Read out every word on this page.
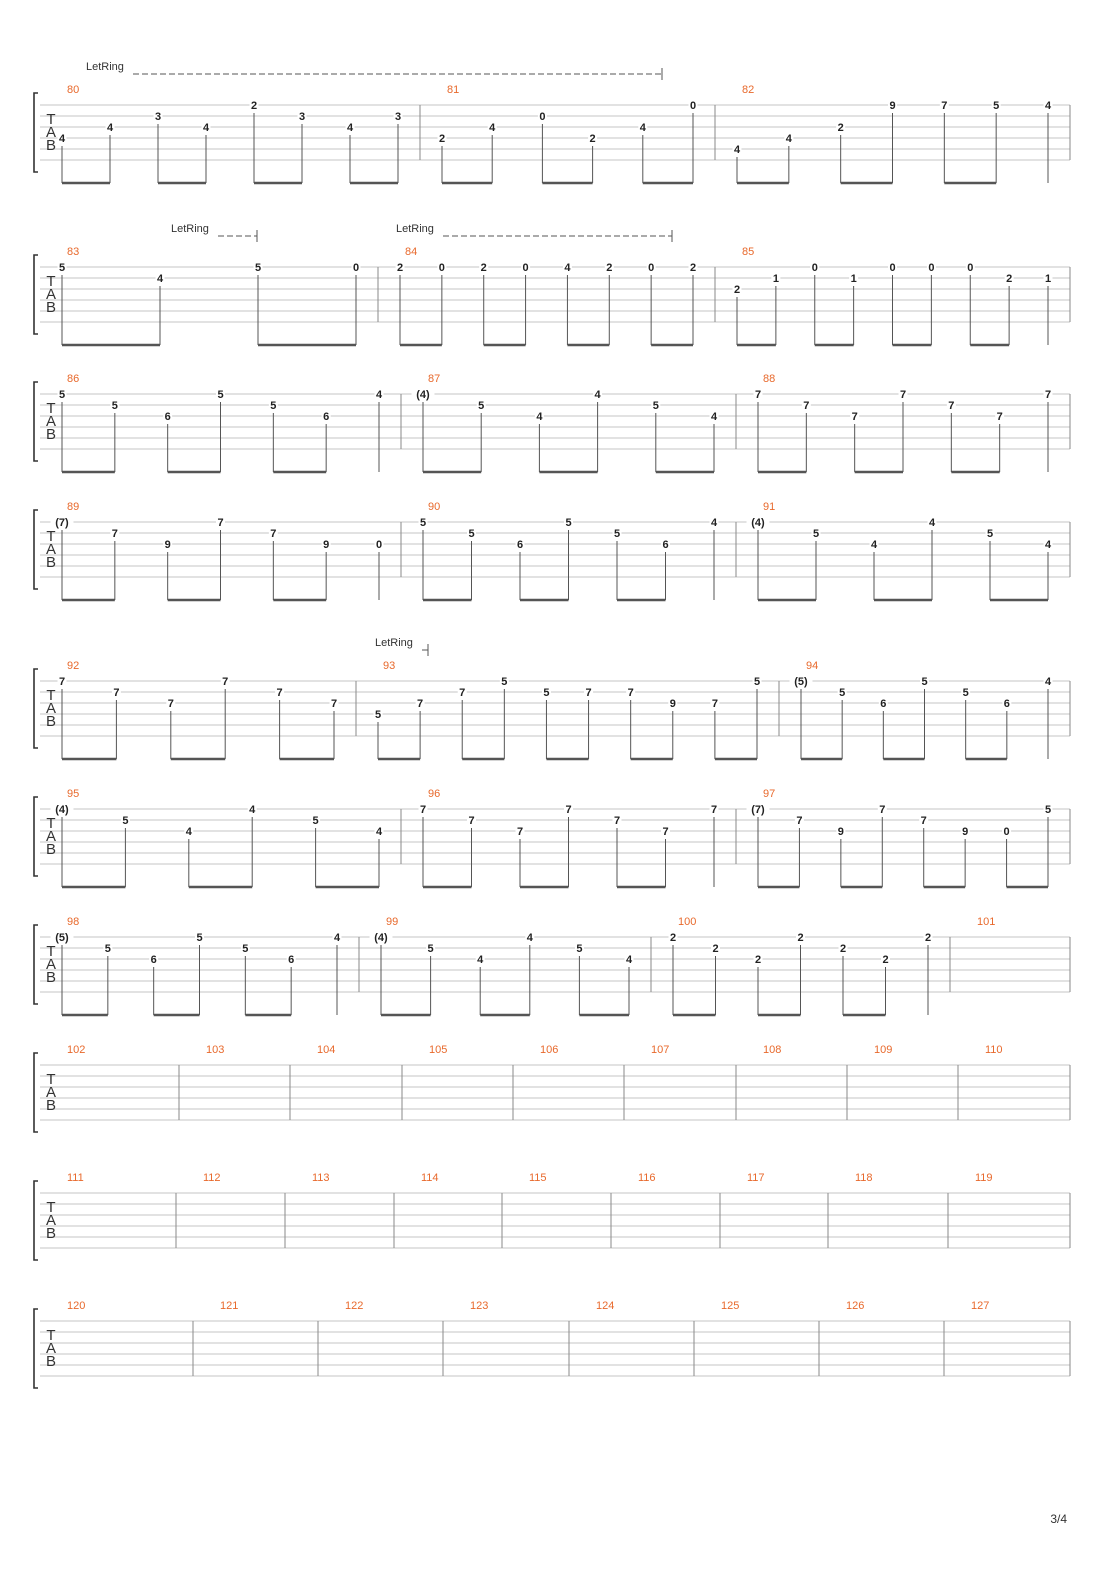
T
A
B
80
4
4
3
4
2
3
4
3
81
2
4
0
2
4
0
82
4
4
2
9	7	5	4
T
A
B
83
5
4
5	0
84
2	0	2	0	4	2	0	2
85
2
1
0
1
0	0	0
2	1
T
A
B
86
5
5
6
5
5
6
4
87
(4)
5
4
4
5
4
88
7
7
7
7
7
7
7
T
A
B
89
(7)
7
9
7
7
9	0
90
5
5
6
5
5
6
4
91
(4)
5
4
4
5
4
T
A
B
92
7
7
7
7
7
7
93
5
7
7
5
5	7	7
9	7
5
94
(5)
5
6
5
5
6
4
T
A
B
95
(4)
5
4
4
5
4
96
7
7
7
7
7
7
7
97
(7)
7
9
7
7
9	0
5
T
A
B
98
(5)
5
6
5
5
6
4
99
(4)
5
4
4
5
4
100
2
2
2
2
2
2
2
101
T
A
B
102	103	104	105	106	107	108	109	110
T
A
B
111	112	113	114	115	116	117	118	119
T
A
B
120	121	122	123	124	125	126	127
LetRing
LetRing	LetRing
LetRing
3/4
